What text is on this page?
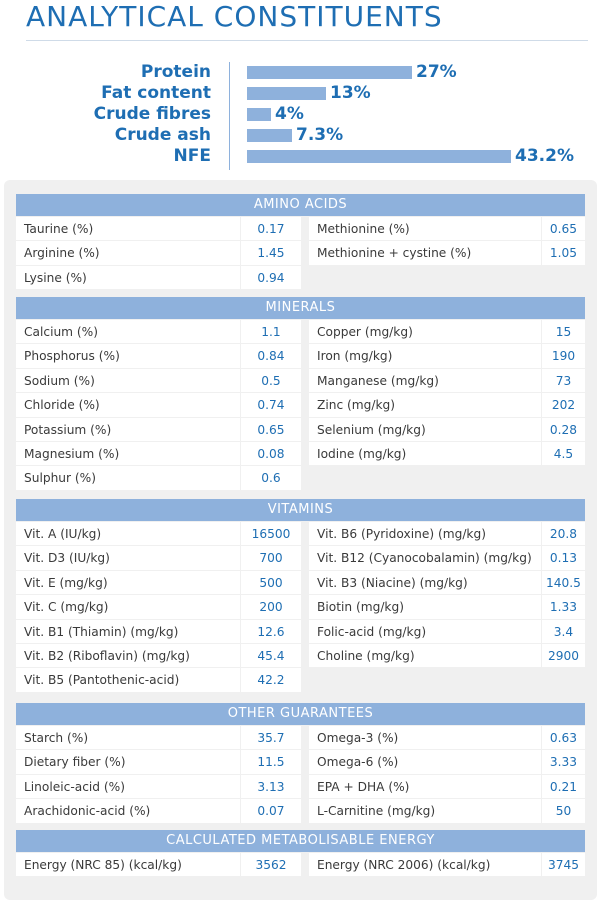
ANALYTICAL CONSTITUENTS
Protein	27%
Fat content	13%
Crude fibres	4%
Crude ash	7.3%
NFE	43.2%
AMINO ACIDS
Taurine (%)	0.17	Methionine (%)	0.65
Arginine (%)	1.45	Methionine + cystine (%)	1.05
Lysine (%)	0.94
MINERALS
Calcium (%)	1.1	Copper (mg/kg)	15
Phosphorus (%)	0.84	Iron (mg/kg)	190
Sodium (%)	0.5	Manganese (mg/kg)	73
Chloride (%)	0.74	Zinc (mg/kg)	202
Potassium (%)	0.65	Selenium (mg/kg)	0.28
Magnesium (%)	0.08	Iodine (mg/kg)	4.5
Sulphur (%)	0.6
VITAMINS
Vit. A (IU/kg)	16500	Vit. B6 (Pyridoxine) (mg/kg)	20.8
Vit. D3 (IU/kg)	700	Vit. B12 (Cyanocobalamin) (mg/kg)	0.13
Vit. E (mg/kg)	500	Vit. B3 (Niacine) (mg/kg)	140.5
Vit. C (mg/kg)	200	Biotin (mg/kg)	1.33
Vit. B1 (Thiamin) (mg/kg)	12.6	Folic-acid (mg/kg)	3.4
Vit. B2 (Riboflavin) (mg/kg)	45.4	Choline (mg/kg)	2900
Vit. B5 (Pantothenic-acid)	42.2
OTHER GUARANTEES
Starch (%)	35.7	Omega-3 (%)	0.63
Dietary fiber (%)	11.5	Omega-6 (%)	3.33
Linoleic-acid (%)	3.13	EPA + DHA (%)	0.21
Arachidonic-acid (%)	0.07	L-Carnitine (mg/kg)	50
CALCULATED METABOLISABLE ENERGY
Energy (NRC 85) (kcal/kg)	3562	Energy (NRC 2006) (kcal/kg)	3745
